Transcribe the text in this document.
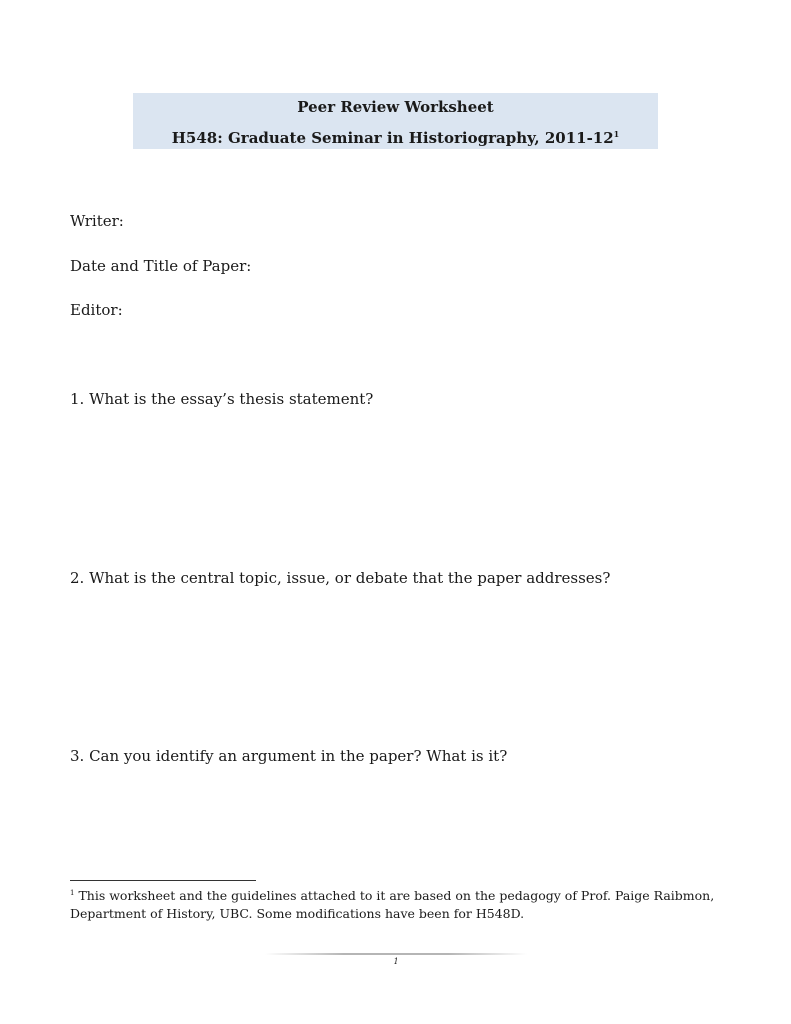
Peer Review Worksheet
H548: Graduate Seminar in Historiography, $2011-12^1$
Writer:
Date and Title of Paper:
Editor:
1. What is the essay’s thesis statement?
2. What is the central topic, issue, or debate that the paper addresses?
3. Can you identify an argument in the paper? What is it?
$^1$ This worksheet and the guidelines attached to it are based on the pedagogy of Prof. Paige Raibmon, Department of History, UBC. Some modifications have been for H548D.
1
